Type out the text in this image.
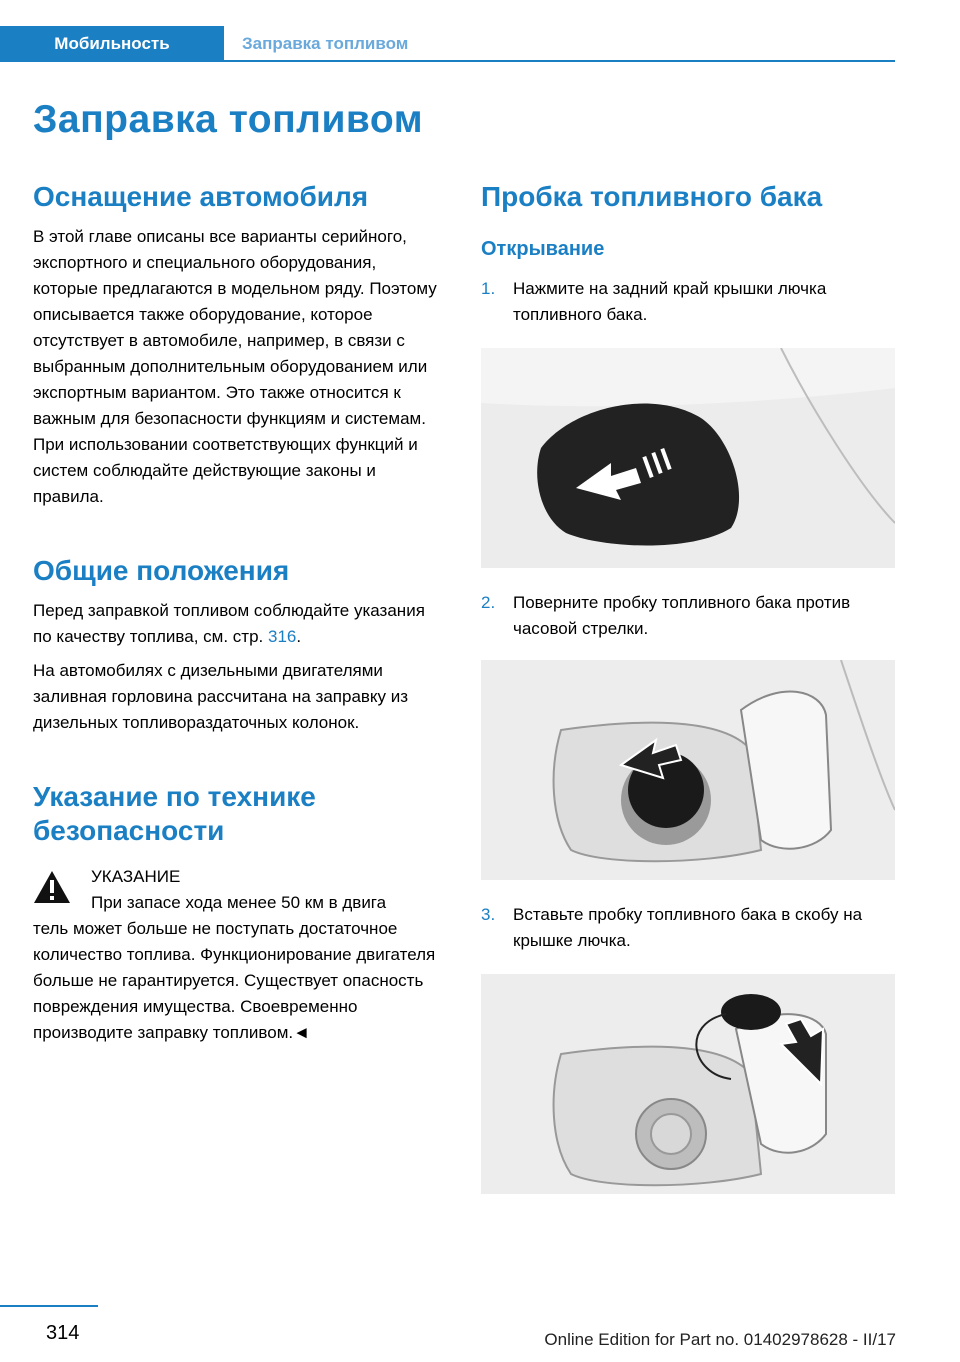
Мобильность	Заправка топливом
Заправка топливом
Оснащение автомобиля

В этой главе описаны все варианты серийного, экспортного и специального оборудования, которые предлагаются в модельном ряду. Поэтому описывается также оборудование, которое отсутствует в автомобиле, например, в связи с выбранным дополнительным оборудованием или экспортным вариантом. Это также относится к важным для безопасности функциям и системам. При использовании соответствующих функций и систем соблюдайте действующие законы и правила.

Общие положения

Перед заправкой топливом соблюдайте указания по качеству топлива, см. стр. 316.

На автомобилях с дизельными двигателями заливная горловина рассчитана на заправку из дизельных топливораздаточных колонок.

Указание по технике безопасности
УКАЗАНИЕ
При запасе хода менее 50 км в двига

тель может больше не поступать достаточное количество топлива. Функционирование двигателя больше не гарантируется. Существует опасность повреждения имущества. Своевременно производите заправку топливом.◄

Пробка топливного бака
Открывание
1. Нажмите на задний край крышки лючка топливного бака.
2. Поверните пробку топливного бака против часовой стрелки.
3. Вставьте пробку топливного бака в скобу на крышке лючка.
314	Online Edition for Part no. 01402978628 - II/17
